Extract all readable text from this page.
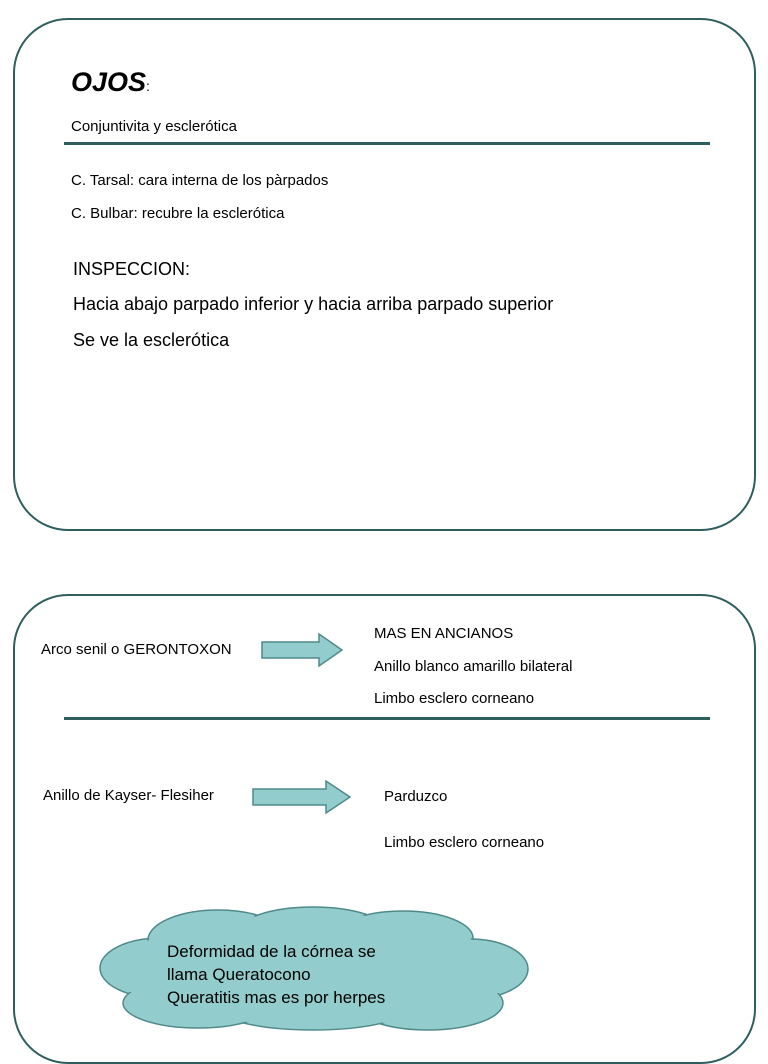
OJOS:
Conjuntivita y esclerótica
C. Tarsal: cara interna de los pàrpados
C. Bulbar: recubre la esclerótica
INSPECCION:
Hacia abajo parpado inferior y hacia arriba parpado superior
Se ve la esclerótica
Arco senil o GERONTOXON
MAS EN ANCIANOS
Anillo blanco amarillo bilateral
Limbo esclero corneano
Anillo de Kayser- Flesiher	Parduzco
Limbo esclero corneano
Deformidad de la córnea se
llama Queratocono
Queratitis mas es por herpes
